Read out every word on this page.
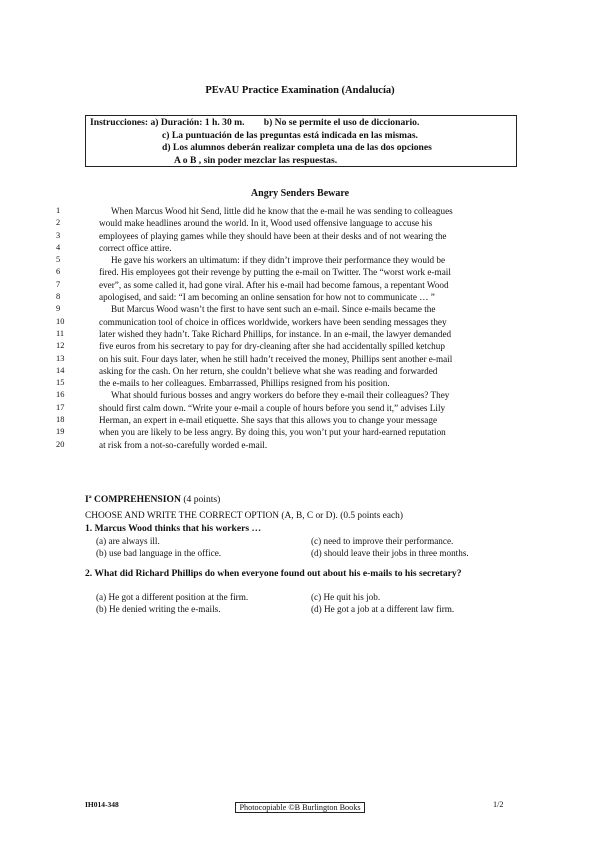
PEvAU Practice Examination (Andalucía)
Instrucciones: a) Duración: 1 h. 30 m.        b) No se permite el uso de diccionario.
c) La puntuación de las preguntas está indicada en las mismas.
d) Los alumnos deberán realizar completa una de las dos opciones
A o B , sin poder mezclar las respuestas.
Angry Senders Beware
1	When Marcus Wood hit Send, little did he know that the e-mail he was sending to colleagues
2	would make headlines around the world. In it, Wood used offensive language to accuse his
3	employees of playing games while they should have been at their desks and of not wearing the
4	correct office attire.
5	He gave his workers an ultimatum: if they didn’t improve their performance they would be
6	fired. His employees got their revenge by putting the e-mail on Twitter. The “worst work e-mail
7	ever”, as some called it, had gone viral. After his e-mail had become famous, a repentant Wood
8	apologised, and said: “I am becoming an online sensation for how not to communicate … ”
9	But Marcus Wood wasn’t the first to have sent such an e-mail. Since e-mails became the
10	communication tool of choice in offices worldwide, workers have been sending messages they
11	later wished they hadn’t. Take Richard Phillips, for instance. In an e-mail, the lawyer demanded
12	five euros from his secretary to pay for dry-cleaning after she had accidentally spilled ketchup
13	on his suit. Four days later, when he still hadn’t received the money, Phillips sent another e-mail
14	asking for the cash. On her return, she couldn’t believe what she was reading and forwarded
15	the e-mails to her colleagues. Embarrassed, Phillips resigned from his position.
16	What should furious bosses and angry workers do before they e-mail their colleagues? They
17	should first calm down. “Write your e-mail a couple of hours before you send it,” advises Lily
18	Herman, an expert in e-mail etiquette. She says that this allows you to change your message
19	when you are likely to be less angry. By doing this, you won’t put your hard-earned reputation
20	at risk from a not-so-carefully worded e-mail.
Iª COMPREHENSION (4 points)
CHOOSE AND WRITE THE CORRECT OPTION (A, B, C or D). (0.5 points each)
1. Marcus Wood thinks that his workers …
(a) are always ill.	(c) need to improve their performance.
(b) use bad language in the office.	(d) should leave their jobs in three months.
2. What did Richard Phillips do when everyone found out about his e-mails to his secretary?
(a) He got a different position at the firm.	(c) He quit his job.
(b) He denied writing the e-mails.	(d) He got a job at a different law firm.
IH014-348	Photocopiable ©B Burlington Books	1/2
